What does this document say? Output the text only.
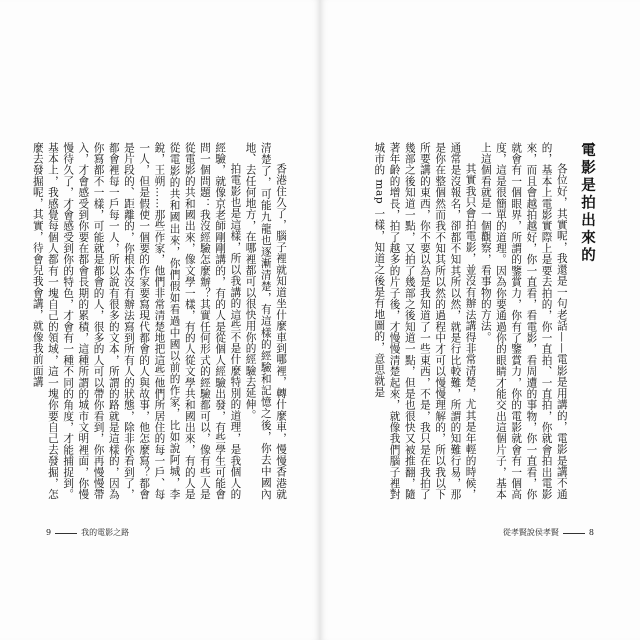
香港住久了，腦子裡就知道坐什麼車到哪裡，轉什麼車，慢慢香港就清楚了，可能九龍也逐漸清楚，有這樣的經驗和記憶之後，你去中國內地、去任何地方，在哪裡都可以很快用你的經驗去延伸。

拍電影也是這樣，所以我講的這些不是什麼特別的道理，是我個人的經驗，就像京老師剛剛講的，有的人是從個人經驗出發，有些學生可能會問一個問題：我沒經驗怎麼辦？其實任何形式的經驗都可以，像有些人是從電影的共和國出來，像文學一樣，有的人從文學共和國出來，有的人是從電影的共和國出來，你們假如看過中國以前的作家，比如說阿城，李銳，王朔……那些作家，他們非常清楚地把這些他們所居住的每一戶、每一人，但是假使一個要的作家要寫現代都會的人與故事，他怎麼寫？都會是片段的、距離的，你根本沒有辦法寫到所有人的狀態，除非你看到了，都會裡每一戶每一人，所以說有很多的文本，所謂的路就是這樣的，因為你寫都不一樣，可能就是都會的人，很多的人可以帶你看到，你再慢慢帶入，才會感受到你要在都會長期的累積，這種所謂的城市文明裡面，你慢慢待久了，才會感受到你的特色，才會有一種不同的角度，才能捕捉到。基本上，我感覺每個人都有一塊自己的領域，這一塊你要自己去發掘，怎麼去發掘呢，其實，待會兒我會講，就像我前面講

9	我的電影之路
電影是拍出來的

各位好，其實呢，我還是一句老話——電影是用講的，電影是講不通的，基本上電影實際上是要去拍的，你一直拍、一直拍，你就會拍出電影來，而且會越拍越好，你一直看，看電影，看周遭的事物，你一直看，你就會有一個眼界，所謂的鑒賞力，你有了鑒賞力，你的電影就會有一個高度，這是很簡單的道理。因為你要通過你的眼睛才能交出這個片子，基本上這個看就是一個觀察，看事物的方法。

其實我只會拍電影，並沒有辦法講得非常清楚，尤其是年輕的時候，通常是沒報名，卻都不知其所以然，就是行比較難，所謂的知難行易，那是你在整個然而我不知其所以然的過程中才可以慢慢理解的，所以我以下所要講的東西，你不要以為是我知道了一些東西，不是，我只是在我拍了幾部之後知道一點，又拍了幾部之後知道一點，但是也很快又被推翻，隨著年齡的增長，拍了越多的片子後，才慢慢清楚起來，就像我們腦子裡對城市的 map 一樣，知道之後是有地圖的，意思就是

從孝賢說侯孝賢	8
